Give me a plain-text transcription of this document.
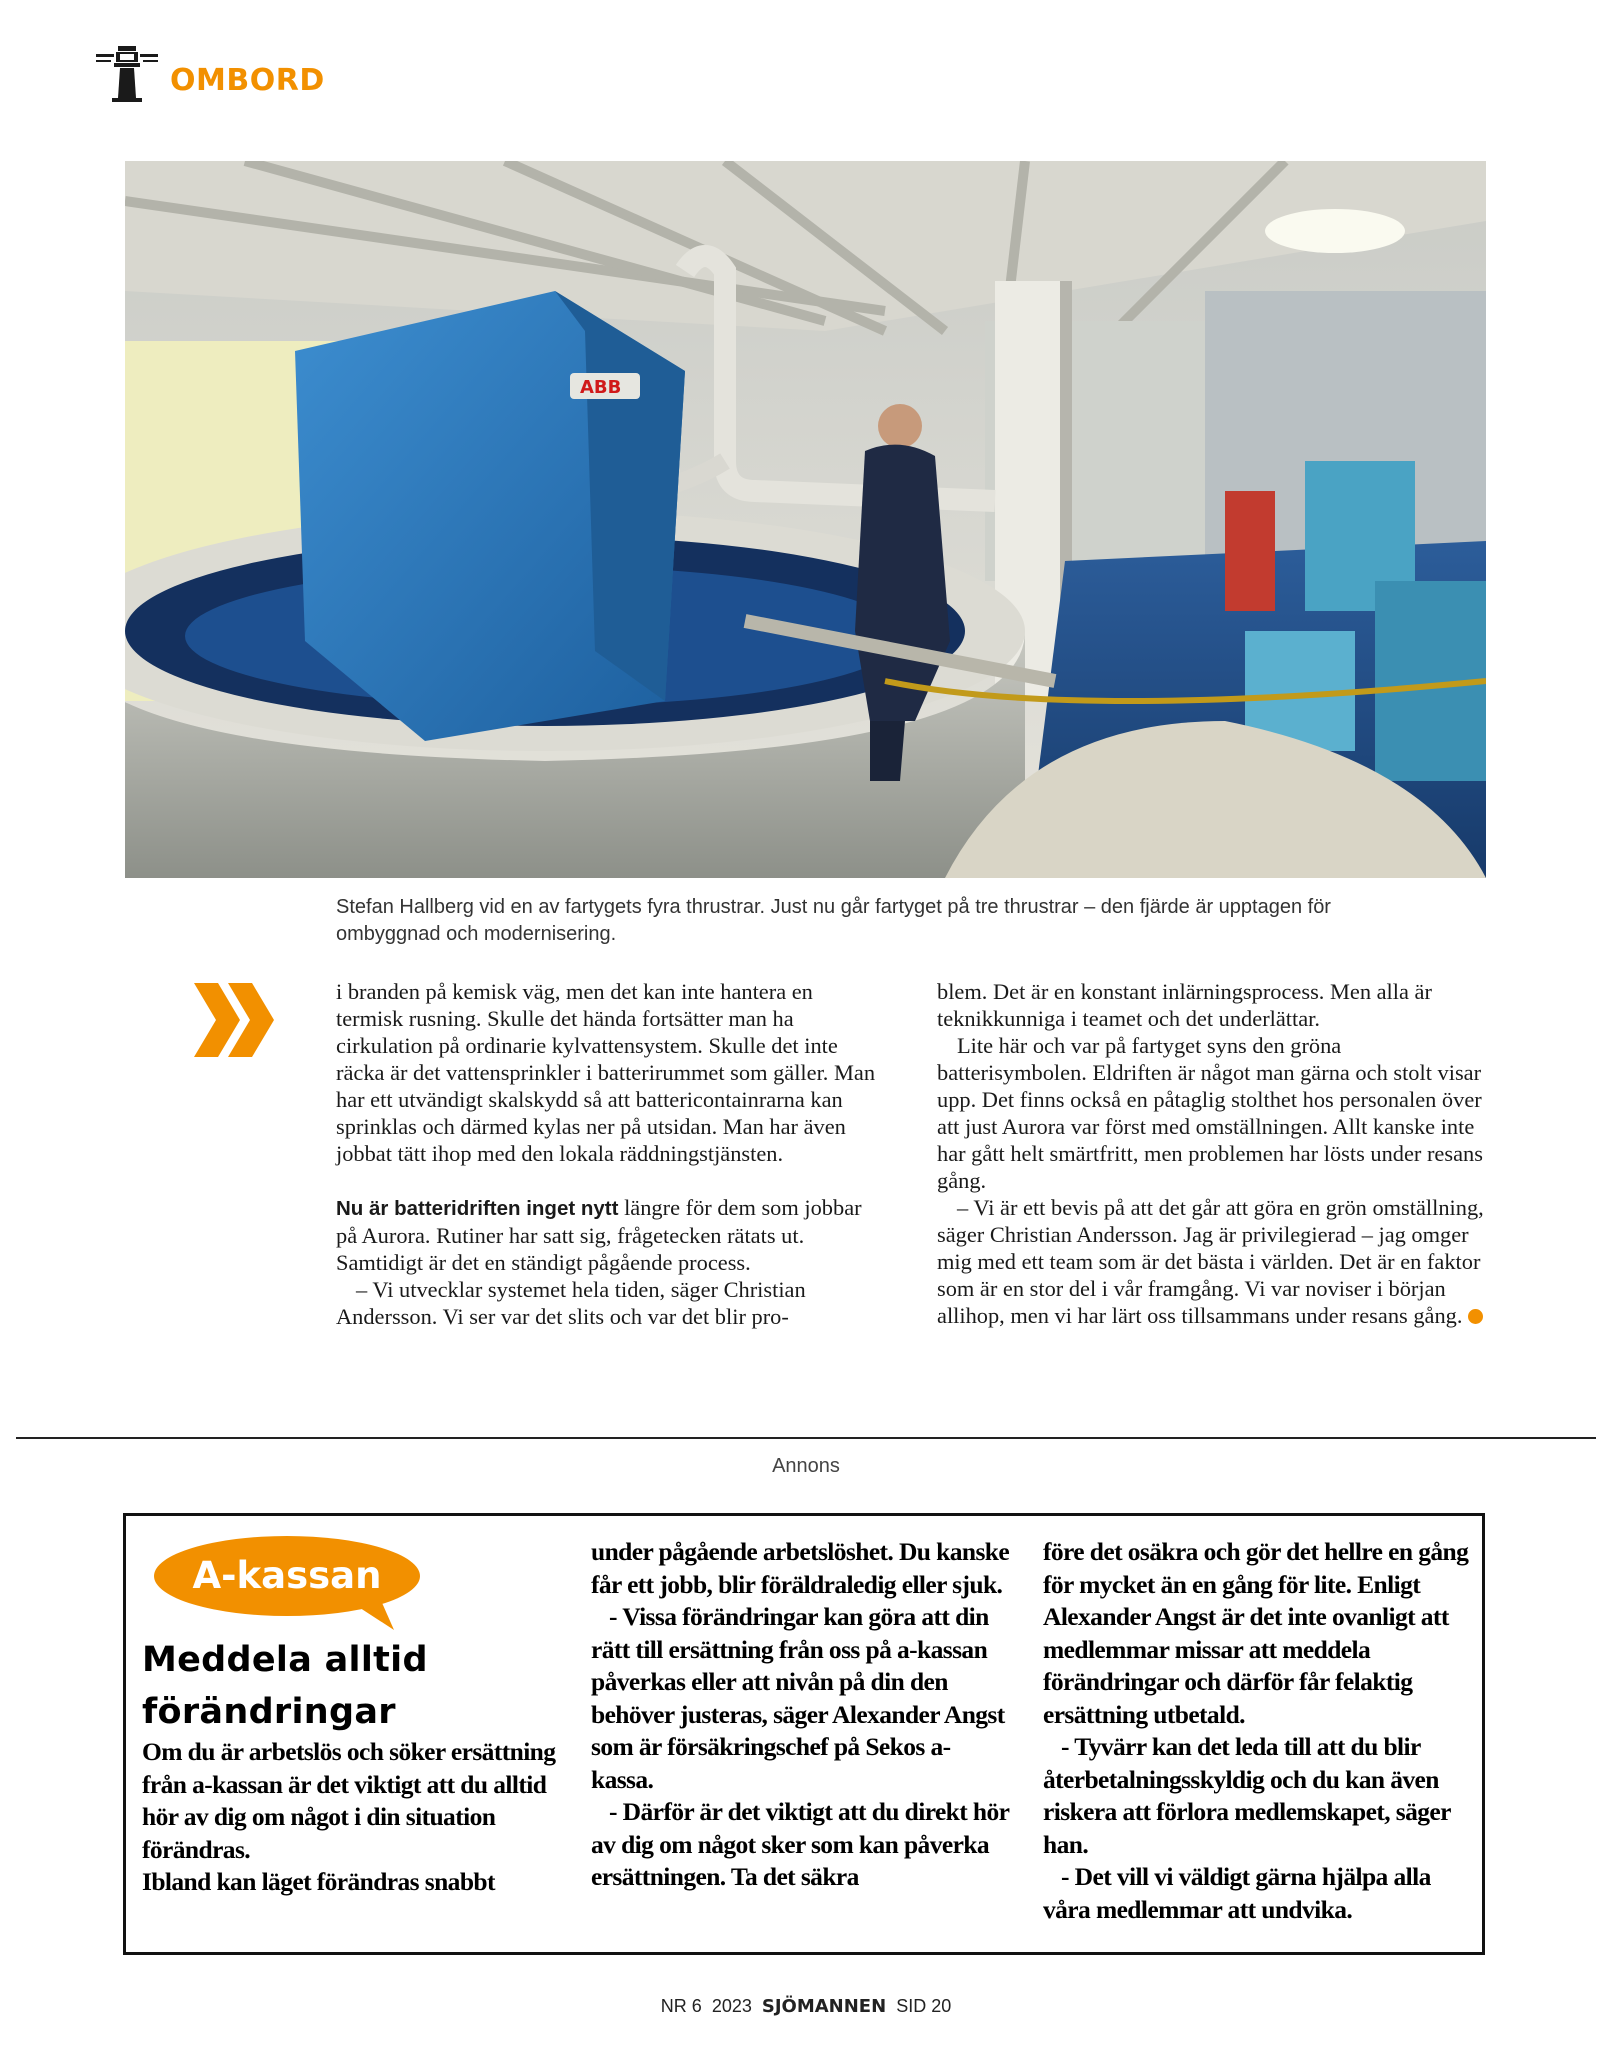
OMBORD
ABB
Stefan Hallberg vid en av fartygets fyra thrustrar. Just nu går fartyget på tre thrustrar – den fjärde är upptagen för ombyggnad och modernisering.

i branden på kemisk väg, men det kan inte hantera en termisk rusning. Skulle det hända fortsätter man ha cirkulation på ordinarie kylvattensystem. Skulle det inte räcka är det vattensprinkler i batterirummet som gäller. Man har ett utvändigt skalskydd så att battericontainrarna kan sprinklas och därmed kylas ner på utsidan. Man har även jobbat tätt ihop med den lokala räddningstjänsten.

Nu är batteridriften inget nytt längre för dem som jobbar på Aurora. Rutiner har satt sig, frågetecken rätats ut. Samtidigt är det en ständigt pågående process.

– Vi utvecklar systemet hela tiden, säger Christian Andersson. Vi ser var det slits och var det blir pro-

blem. Det är en konstant inlärningsprocess. Men alla är teknikkunniga i teamet och det underlättar.

Lite här och var på fartyget syns den gröna batterisymbolen. Eldriften är något man gärna och stolt visar upp. Det finns också en påtaglig stolthet hos personalen över att just Aurora var först med omställningen. Allt kanske inte har gått helt smärtfritt, men problemen har lösts under resans gång.

– Vi är ett bevis på att det går att göra en grön omställning, säger Christian Andersson. Jag är privilegierad – jag omger mig med ett team som är det bästa i världen. Det är en faktor som är en stor del i vår framgång. Vi var noviser i början allihop, men vi har lärt oss tillsammans under resans gång.

Annons
A-kassan
Meddela alltid förändringar

Om du är arbetslös och söker ersättning från a-kassan är det viktigt att du alltid hör av dig om något i din situation förändras.

Ibland kan läget förändras snabbt

under pågående arbetslöshet. Du kanske får ett jobb, blir föräldraledig eller sjuk.

- Vissa förändringar kan göra att din rätt till ersättning från oss på a-kassan påverkas eller att nivån på din den behöver justeras, säger Alexander Angst som är försäkringschef på Sekos a-kassa.

- Därför är det viktigt att du direkt hör av dig om något sker som kan påverka ersättningen. Ta det säkra

före det osäkra och gör det hellre en gång för mycket än en gång för lite. Enligt Alexander Angst är det inte ovanligt att medlemmar missar att meddela förändringar och därför får felaktig ersättning utbetald.

- Tyvärr kan det leda till att du blir återbetalningsskyldig och du kan även riskera att förlora medlemskapet, säger han.

- Det vill vi väldigt gärna hjälpa alla våra medlemmar att undvika.

NR 6 2023 SJÖMANNEN SID 20
